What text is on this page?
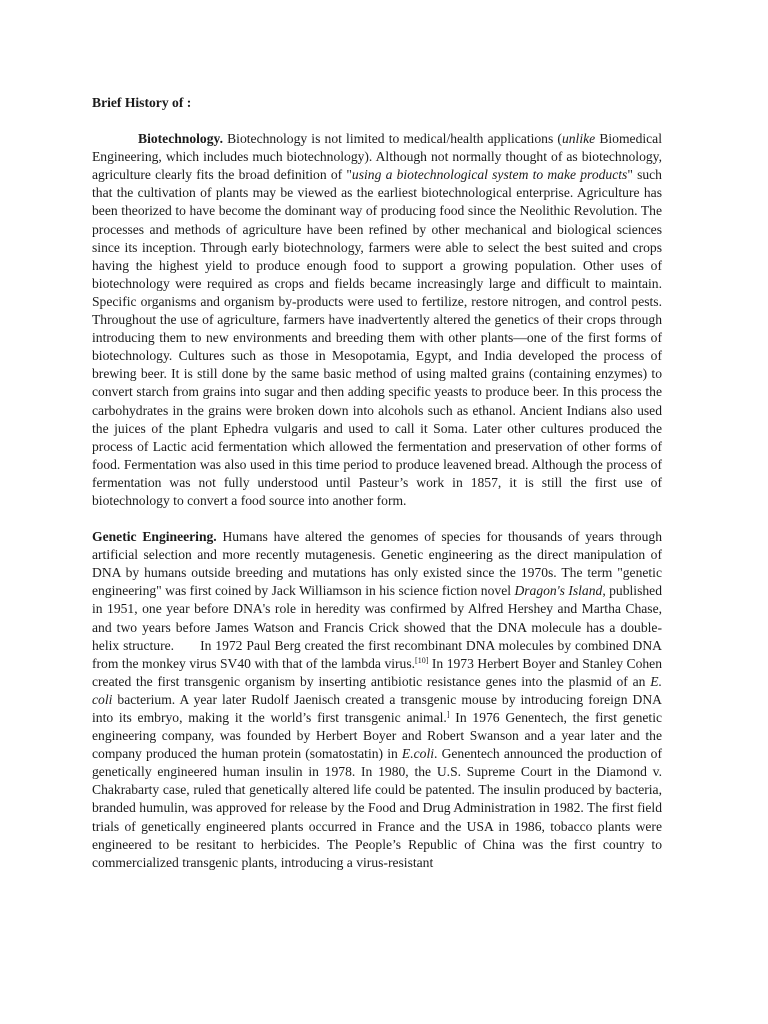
Brief History of :

Biotechnology. Biotechnology is not limited to medical/health applications (unlike Biomedical Engineering, which includes much biotechnology). Although not normally thought of as biotechnology, agriculture clearly fits the broad definition of "using a biotechnological system to make products" such that the cultivation of plants may be viewed as the earliest biotechnological enterprise. Agriculture has been theorized to have become the dominant way of producing food since the Neolithic Revolution. The processes and methods of agriculture have been refined by other mechanical and biological sciences since its inception. Through early biotechnology, farmers were able to select the best suited and crops having the highest yield to produce enough food to support a growing population. Other uses of biotechnology were required as crops and fields became increasingly large and difficult to maintain. Specific organisms and organism by-products were used to fertilize, restore nitrogen, and control pests. Throughout the use of agriculture, farmers have inadvertently altered the genetics of their crops through introducing them to new environments and breeding them with other plants—one of the first forms of biotechnology. Cultures such as those in Mesopotamia, Egypt, and India developed the process of brewing beer. It is still done by the same basic method of using malted grains (containing enzymes) to convert starch from grains into sugar and then adding specific yeasts to produce beer. In this process the carbohydrates in the grains were broken down into alcohols such as ethanol. Ancient Indians also used the juices of the plant Ephedra vulgaris and used to call it Soma. Later other cultures produced the process of Lactic acid fermentation which allowed the fermentation and preservation of other forms of food. Fermentation was also used in this time period to produce leavened bread. Although the process of fermentation was not fully understood until Pasteur’s work in 1857, it is still the first use of biotechnology to convert a food source into another form.

Genetic Engineering. Humans have altered the genomes of species for thousands of years through artificial selection and more recently mutagenesis. Genetic engineering as the direct manipulation of DNA by humans outside breeding and mutations has only existed since the 1970s. The term "genetic engineering" was first coined by Jack Williamson in his science fiction novel Dragon's Island, published in 1951, one year before DNA's role in heredity was confirmed by Alfred Hershey and Martha Chase, and two years before James Watson and Francis Crick showed that the DNA molecule has a double-helix structure. In 1972 Paul Berg created the first recombinant DNA molecules by combined DNA from the monkey virus SV40 with that of the lambda virus.[10] In 1973 Herbert Boyer and Stanley Cohen created the first transgenic organism by inserting antibiotic resistance genes into the plasmid of an E. coli bacterium. A year later Rudolf Jaenisch created a transgenic mouse by introducing foreign DNA into its embryo, making it the world’s first transgenic animal.] In 1976 Genentech, the first genetic engineering company, was founded by Herbert Boyer and Robert Swanson and a year later and the company produced the human protein (somatostatin) in E.coli. Genentech announced the production of genetically engineered human insulin in 1978. In 1980, the U.S. Supreme Court in the Diamond v. Chakrabarty case, ruled that genetically altered life could be patented. The insulin produced by bacteria, branded humulin, was approved for release by the Food and Drug Administration in 1982. The first field trials of genetically engineered plants occurred in France and the USA in 1986, tobacco plants were engineered to be resitant to herbicides. The People’s Republic of China was the first country to commercialized transgenic plants, introducing a virus-resistant
